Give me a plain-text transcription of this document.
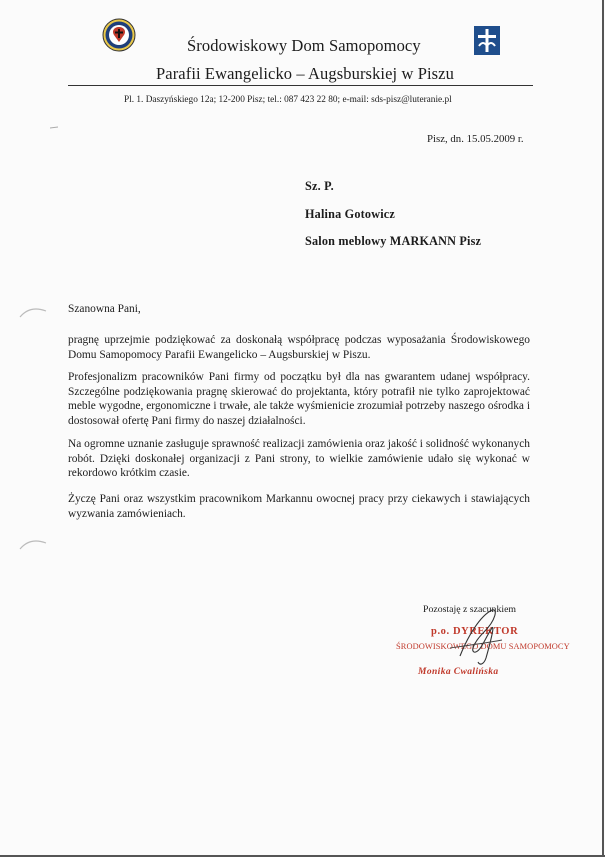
Środowiskowy Dom Samopomocy
Parafii Ewangelicko – Augsburskiej w Piszu
Pl. 1. Daszyńskiego 12a; 12-200 Pisz; tel.: 087 423 22 80; e-mail: sds-pisz@luteranie.pl
Pisz, dn. 15.05.2009 r.
Sz. P.
Halina Gotowicz
Salon meblowy MARKANN Pisz
Szanowna Pani,

pragnę uprzejmie podziękować za doskonałą współpracę podczas wyposażania Środowiskowego Domu Samopomocy Parafii Ewangelicko – Augsburskiej w Piszu.

Profesjonalizm pracowników Pani firmy od początku był dla nas gwarantem udanej współpracy. Szczególne podziękowania pragnę skierować do projektanta, który potrafił nie tylko zaprojektować meble wygodne, ergonomiczne i trwałe, ale także wyśmienicie zrozumiał potrzeby naszego ośrodka i dostosował ofertę Pani firmy do naszej działalności.

Na ogromne uznanie zasługuje sprawność realizacji zamówienia oraz jakość i solidność wykonanych robót. Dzięki doskonałej organizacji z Pani strony, to wielkie zamówienie udało się wykonać w rekordowo krótkim czasie.

Życzę Pani oraz wszystkim pracownikom Markannu owocnej pracy przy ciekawych i stawiających wyzwania zamówieniach.

Pozostaję z szacunkiem
p.o. DYREKTOR
ŚRODOWISKOWEGO DOMU SAMOPOMOCY
Monika Cwalińska
